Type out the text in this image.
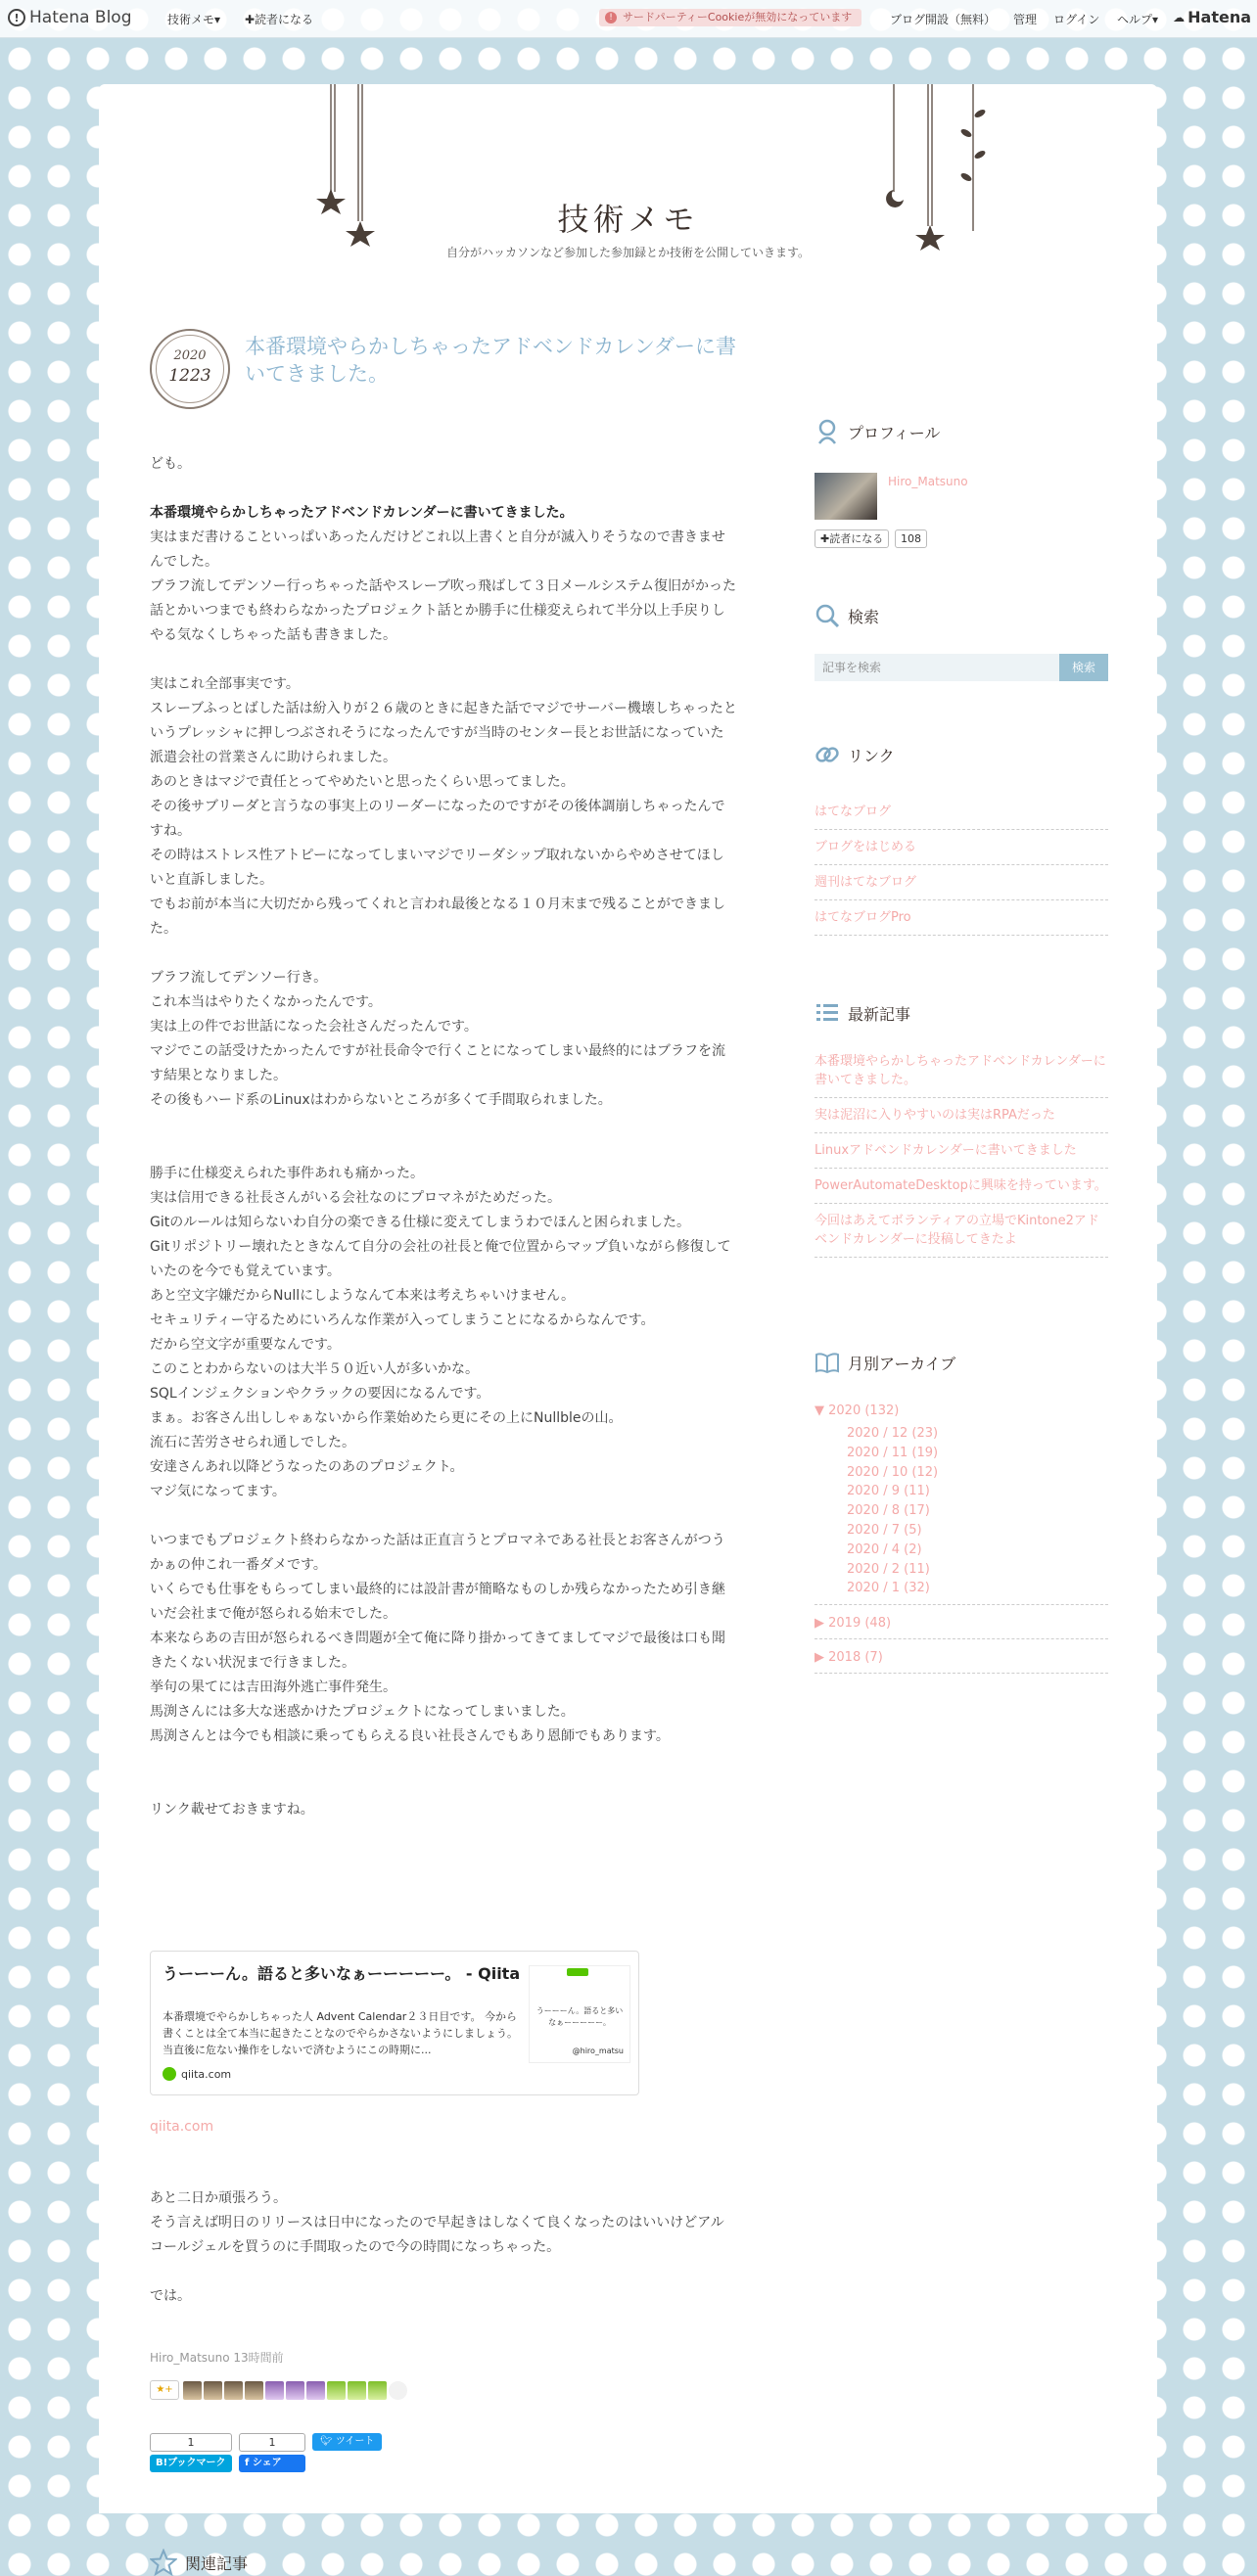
! Hatena Blog	技術メモ▾ ✚読者になる	! サードパーティーCookieが無効になっています	ブログ開設（無料） 管理 ログイン ヘルプ▾ ☁ Hatena
技術メモ
自分がハッカソンなど参加した参加録とか技術を公開していきます。
2020
1223
本番環境やらかしちゃったアドベンドカレンダーに書いてきました。

ども。

本番環境やらかしちゃったアドベンドカレンダーに書いてきました。

実はまだ書けることいっぱいあったんだけどこれ以上書くと自分が滅入りそうなので書きませんでした。

ブラフ流してデンソー行っちゃった話やスレーブ吹っ飛ばして３日メールシステム復旧がかった話とかいつまでも終わらなかったプロジェクト話とか勝手に仕様変えられて半分以上手戻りしやる気なくしちゃった話も書きました。

実はこれ全部事実です。

スレーブふっとばした話は紛入りが２６歳のときに起きた話でマジでサーバー機壊しちゃったというプレッシャに押しつぶされそうになったんですが当時のセンター長とお世話になっていた派遣会社の営業さんに助けられました。

あのときはマジで責任とってやめたいと思ったくらい思ってました。

その後サブリーダと言うなの事実上のリーダーになったのですがその後体調崩しちゃったんですね。

その時はストレス性アトピーになってしまいマジでリーダシップ取れないからやめさせてほしいと直訴しました。

でもお前が本当に大切だから残ってくれと言われ最後となる１０月末まで残ることができました。

ブラフ流してデンソー行き。

これ本当はやりたくなかったんです。

実は上の件でお世話になった会社さんだったんです。

マジでこの話受けたかったんですが社長命令で行くことになってしまい最終的にはブラフを流す結果となりました。

その後もハード系のLinuxはわからないところが多くて手間取られました。

勝手に仕様変えられた事件あれも痛かった。

実は信用できる社長さんがいる会社なのにプロマネがためだった。

Gitのルールは知らないわ自分の楽できる仕様に変えてしまうわでほんと困られました。

Gitリポジトリー壊れたときなんて自分の会社の社長と俺で位置からマップ負いながら修復していたのを今でも覚えています。

あと空文字嫌だからNullにしようなんて本来は考えちゃいけません。

セキュリティー守るためにいろんな作業が入ってしまうことになるからなんです。

だから空文字が重要なんです。

このことわからないのは大半５０近い人が多いかな。

SQLインジェクションやクラックの要因になるんです。

まぁ。お客さん出ししゃぁないから作業始めたら更にその上にNullbleの山。

流石に苦労させられ通しでした。

安達さんあれ以降どうなったのあのプロジェクト。

マジ気になってます。

いつまでもプロジェクト終わらなかった話は正直言うとプロマネである社長とお客さんがつうかぁの仲これ一番ダメです。

いくらでも仕事をもらってしまい最終的には設計書が簡略なものしか残らなかったため引き継いだ会社まで俺が怒られる始末でした。

本来ならあの吉田が怒られるべき問題が全て俺に降り掛かってきてましてマジで最後は口も聞きたくない状況まで行きました。

挙句の果てには吉田海外逃亡事件発生。

馬渕さんには多大な迷惑かけたプロジェクトになってしまいました。

馬渕さんとは今でも相談に乗ってもらえる良い社長さんでもあり恩師でもあります。

リンク載せておきますね。

うーーーん。語ると多いなぁーーーーー。 - Qiita
本番環境でやらかしちゃった人 Advent Calendar２３日目です。 今から書くことは全て本当に起きたことなのでやらかさないようにしましょう。 当直後に危ない操作をしないで済むようにこの時期に...
qiita.com
うーーーん。語ると多いなぁーーーーー。
@hiro_matsu
qiita.com

あと二日か頑張ろう。

そう言えば明日のリリースは日中になったので早起きはしなくて良くなったのはいいけどアルコールジェルを買うのに手間取ったので今の時間になっちゃった。

では。

Hiro_Matsuno 13時間前
★+
1
B!ブックマーク
1
f シェア
🐦︎ ツイート
関連記事
プロフィール
Hiro_Matsuno
✚読者になる	108
検索
記事を検索
検索
リンク
はてなブログ
ブログをはじめる
週刊はてなブログ
はてなブログPro
最新記事
本番環境やらかしちゃったアドベンドカレンダーに書いてきました。
実は泥沼に入りやすいのは実はRPAだった
Linuxアドベンドカレンダーに書いてきました
PowerAutomateDesktopに興味を持っています。
今回はあえてボランティアの立場でKintone2アドベンドカレンダーに投稿してきたよ
月別アーカイブ
▼ 2020 (132)
2020 / 12 (23)
2020 / 11 (19)
2020 / 10 (12)
2020 / 9 (11)
2020 / 8 (17)
2020 / 7 (5)
2020 / 4 (2)
2020 / 2 (11)
2020 / 1 (32)
▶ 2019 (48)
▶ 2018 (7)
